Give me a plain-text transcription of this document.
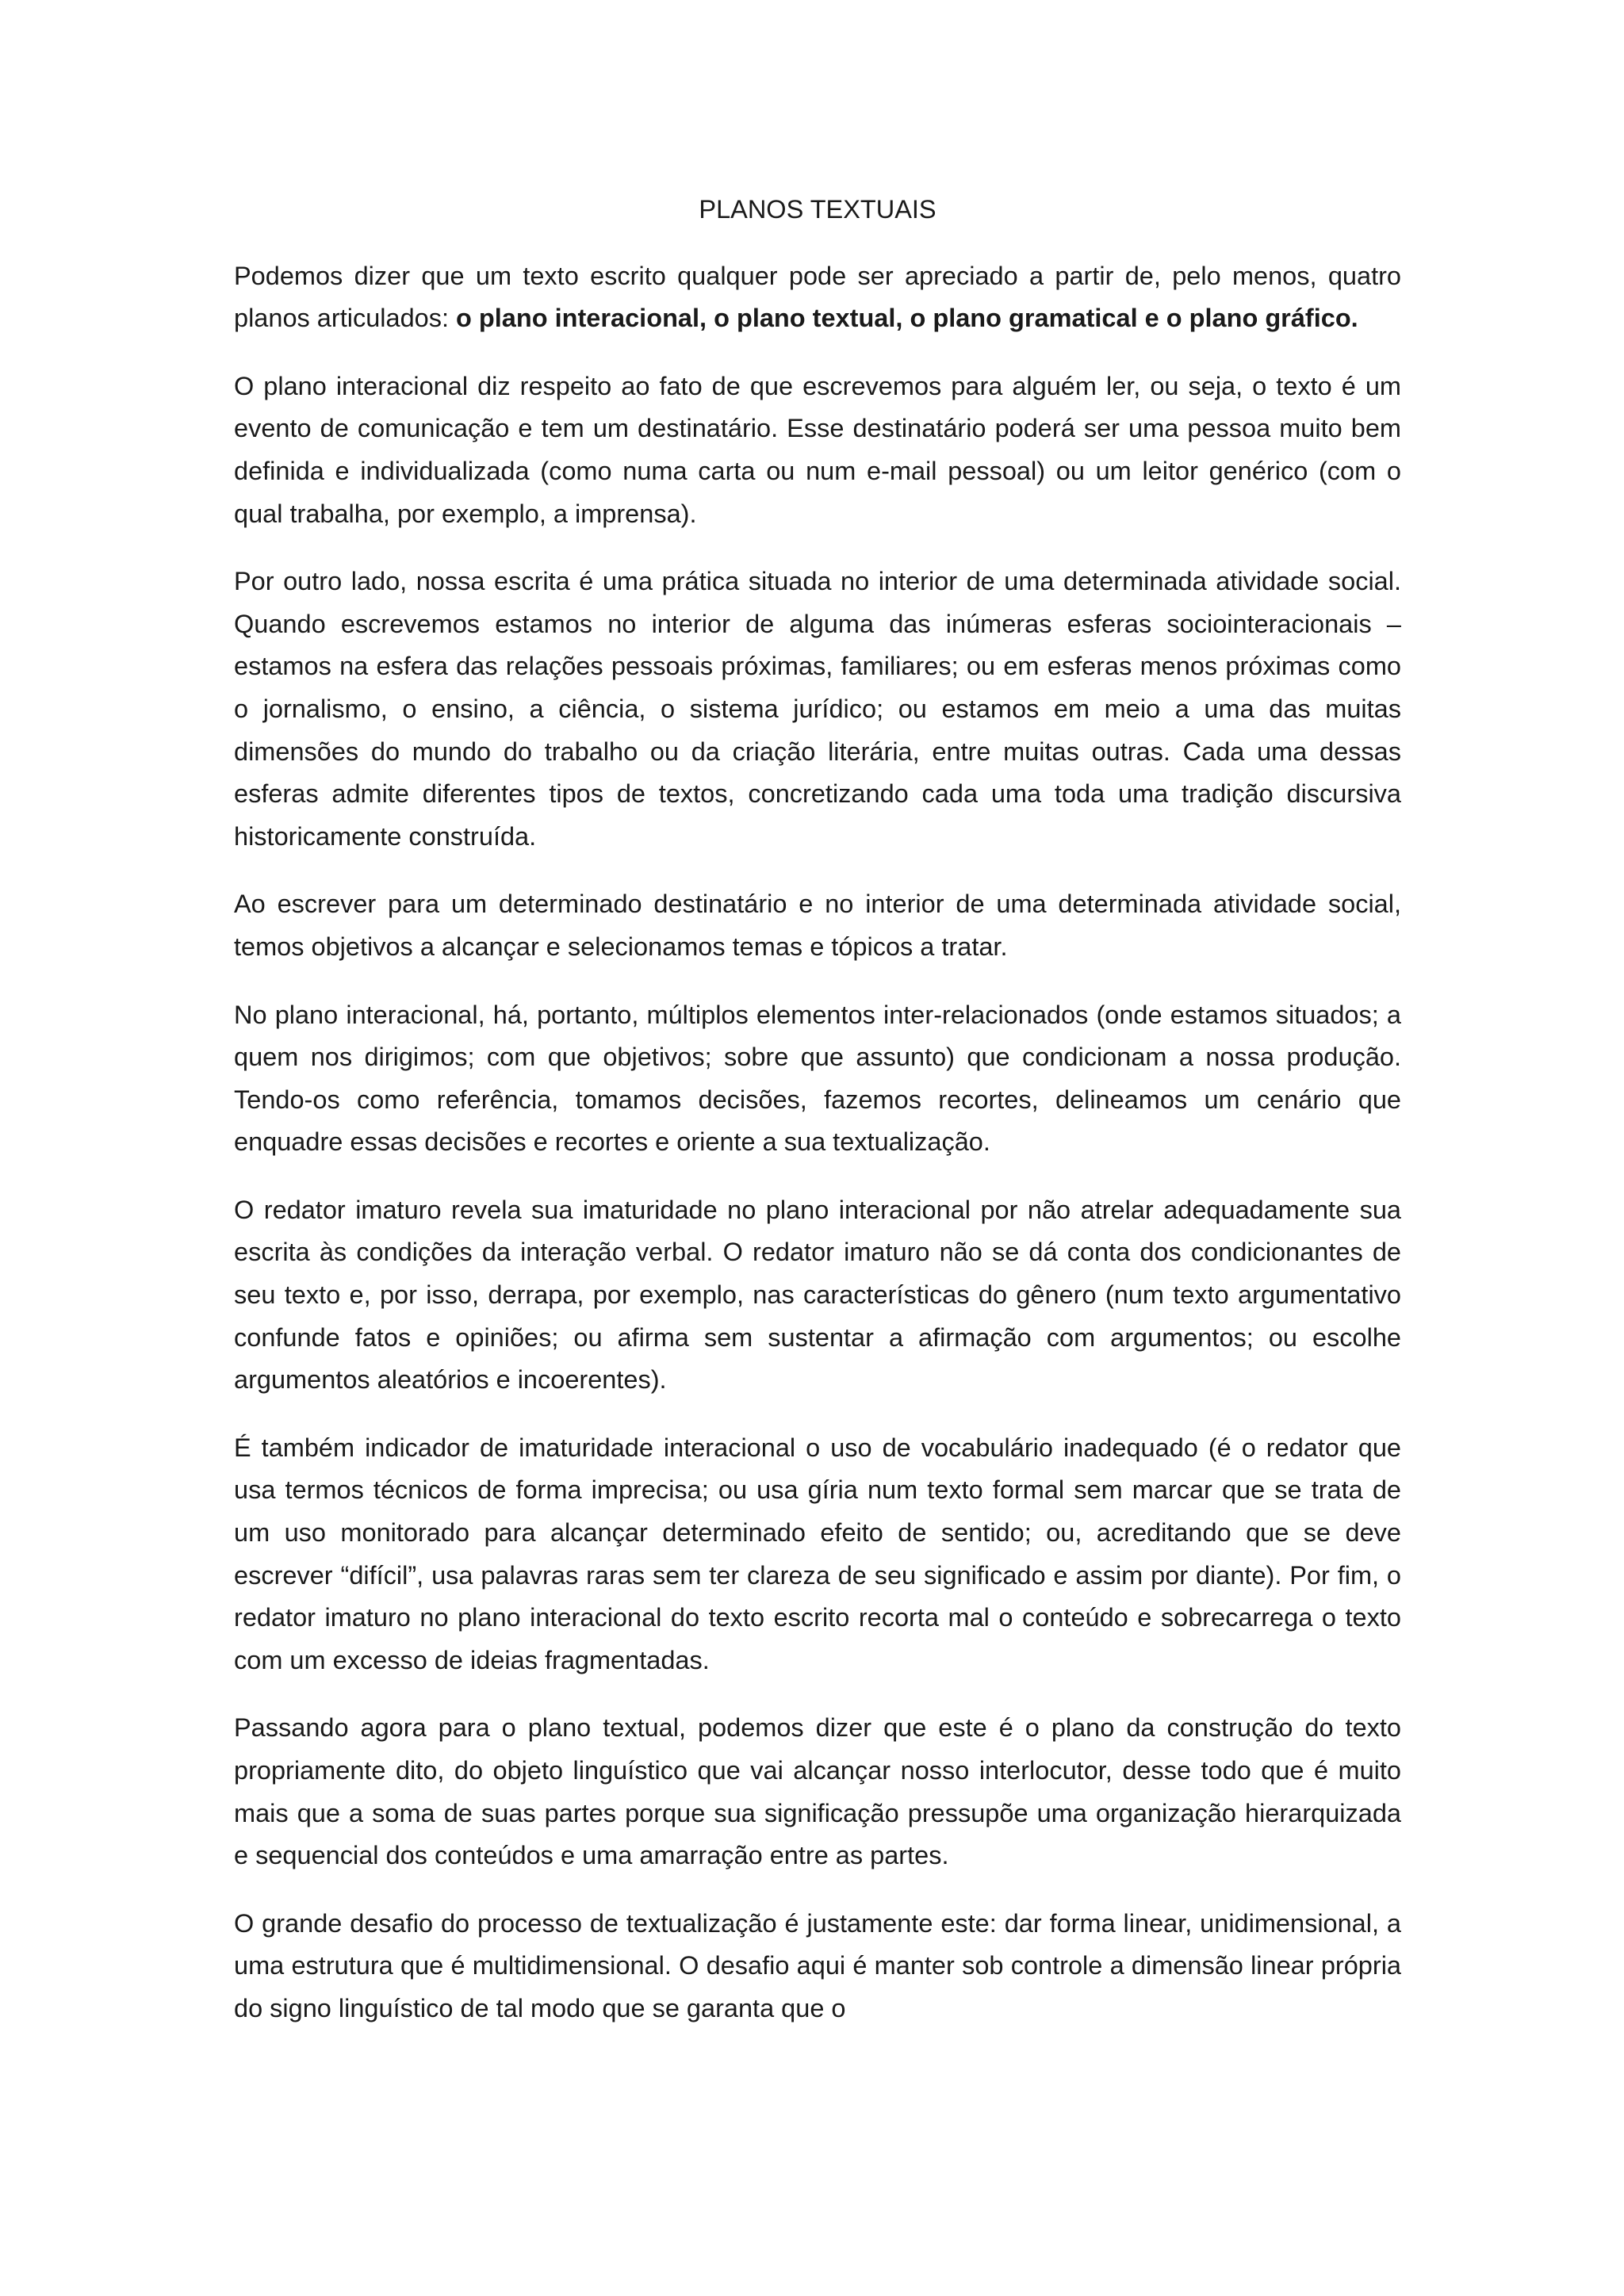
PLANOS TEXTUAIS

Podemos dizer que um texto escrito qualquer pode ser apreciado a partir de, pelo menos, quatro planos articulados: o plano interacional, o plano textual, o plano gramatical e o plano gráfico.

O plano interacional diz respeito ao fato de que escrevemos para alguém ler, ou seja, o texto é um evento de comunicação e tem um destinatário. Esse destinatário poderá ser uma pessoa muito bem definida e individualizada (como numa carta ou num e-mail pessoal) ou um leitor genérico (com o qual trabalha, por exemplo, a imprensa).

Por outro lado, nossa escrita é uma prática situada no interior de uma determinada atividade social. Quando escrevemos estamos no interior de alguma das inúmeras esferas sociointeracionais – estamos na esfera das relações pessoais próximas, familiares; ou em esferas menos próximas como o jornalismo, o ensino, a ciência, o sistema jurídico; ou estamos em meio a uma das muitas dimensões do mundo do trabalho ou da criação literária, entre muitas outras. Cada uma dessas esferas admite diferentes tipos de textos, concretizando cada uma toda uma tradição discursiva historicamente construída.

Ao escrever para um determinado destinatário e no interior de uma determinada atividade social, temos objetivos a alcançar e selecionamos temas e tópicos a tratar.

No plano interacional, há, portanto, múltiplos elementos inter-relacionados (onde estamos situados; a quem nos dirigimos; com que objetivos; sobre que assunto) que condicionam a nossa produção. Tendo-os como referência, tomamos decisões, fazemos recortes, delineamos um cenário que enquadre essas decisões e recortes e oriente a sua textualização.

O redator imaturo revela sua imaturidade no plano interacional por não atrelar adequadamente sua escrita às condições da interação verbal. O redator imaturo não se dá conta dos condicionantes de seu texto e, por isso, derrapa, por exemplo, nas características do gênero (num texto argumentativo confunde fatos e opiniões; ou afirma sem sustentar a afirmação com argumentos; ou escolhe argumentos aleatórios e incoerentes).

É também indicador de imaturidade interacional o uso de vocabulário inadequado (é o redator que usa termos técnicos de forma imprecisa; ou usa gíria num texto formal sem marcar que se trata de um uso monitorado para alcançar determinado efeito de sentido; ou, acreditando que se deve escrever “difícil”, usa palavras raras sem ter clareza de seu significado e assim por diante). Por fim, o redator imaturo no plano interacional do texto escrito recorta mal o conteúdo e sobrecarrega o texto com um excesso de ideias fragmentadas.

Passando agora para o plano textual, podemos dizer que este é o plano da construção do texto propriamente dito, do objeto linguístico que vai alcançar nosso interlocutor, desse todo que é muito mais que a soma de suas partes porque sua significação pressupõe uma organização hierarquizada e sequencial dos conteúdos e uma amarração entre as partes.

O grande desafio do processo de textualização é justamente este: dar forma linear, unidimensional, a uma estrutura que é multidimensional. O desafio aqui é manter sob controle a dimensão linear própria do signo linguístico de tal modo que se garanta que o
